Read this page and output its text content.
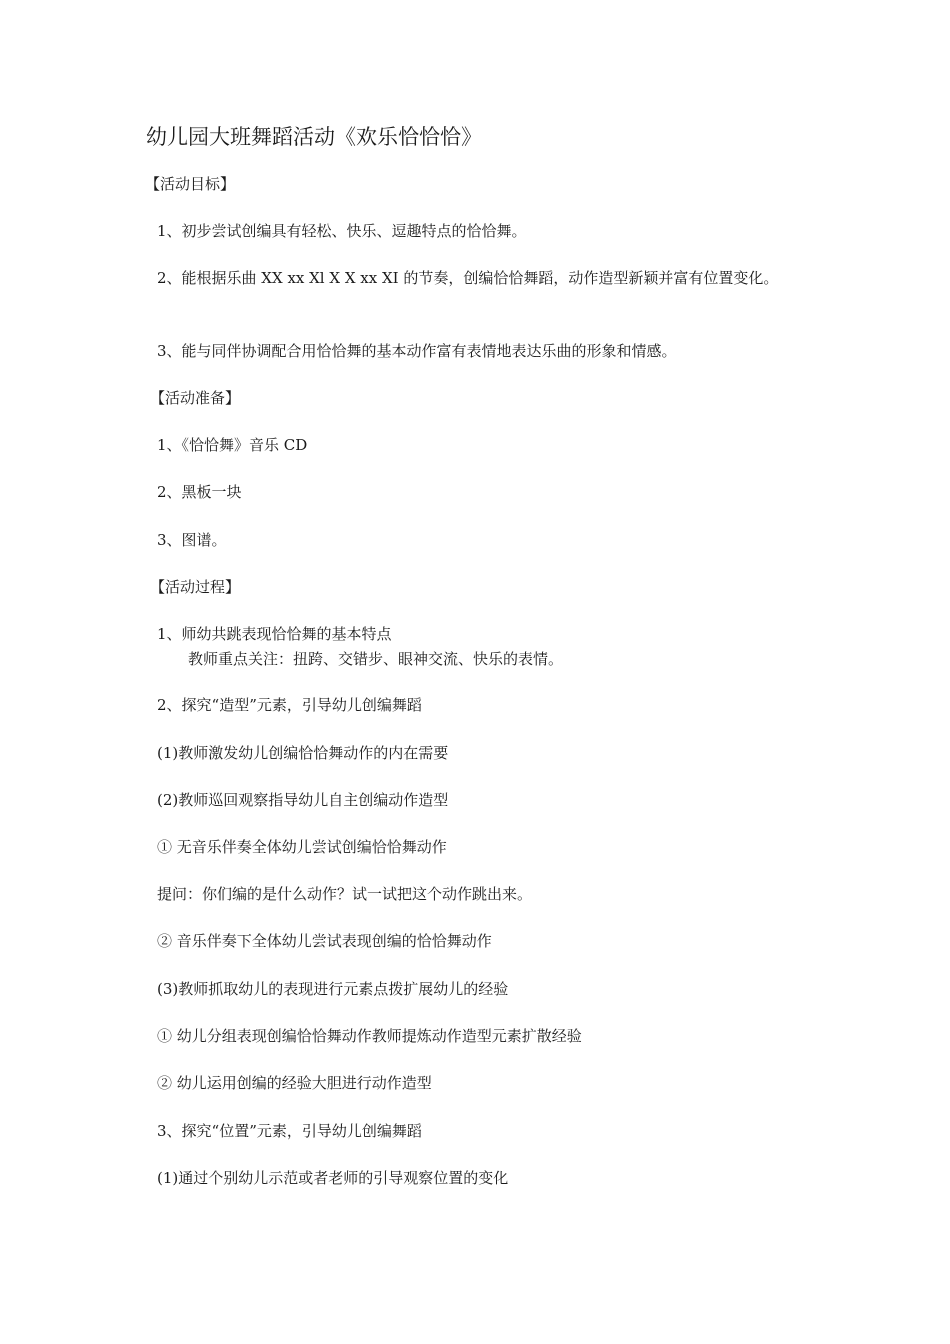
幼儿园大班舞蹈活动《欢乐恰恰恰》
【活动目标】
1、初步尝试创编具有轻松、快乐、逗趣特点的恰恰舞。
2、能根据乐曲 XX xx Xl X X xx XI 的节奏，创编恰恰舞蹈，动作造型新颖并富有位置变化。
3、能与同伴协调配合用恰恰舞的基本动作富有表情地表达乐曲的形象和情感。
【活动准备】
1、《恰恰舞》音乐 CD
2、黑板一块
3、图谱。
【活动过程】
1、师幼共跳表现恰恰舞的基本特点
教师重点关注：扭跨、交错步、眼神交流、快乐的表情。
2、探究“造型”元素，引导幼儿创编舞蹈
(1)教师激发幼儿创编恰恰舞动作的内在需要
(2)教师巡回观察指导幼儿自主创编动作造型
① 无音乐伴奏全体幼儿尝试创编恰恰舞动作
提问：你们编的是什么动作？试一试把这个动作跳出来。
② 音乐伴奏下全体幼儿尝试表现创编的恰恰舞动作
(3)教师抓取幼儿的表现进行元素点拨扩展幼儿的经验
① 幼儿分组表现创编恰恰舞动作教师提炼动作造型元素扩散经验
② 幼儿运用创编的经验大胆进行动作造型
3、探究“位置”元素，引导幼儿创编舞蹈
(1)通过个别幼儿示范或者老师的引导观察位置的变化
